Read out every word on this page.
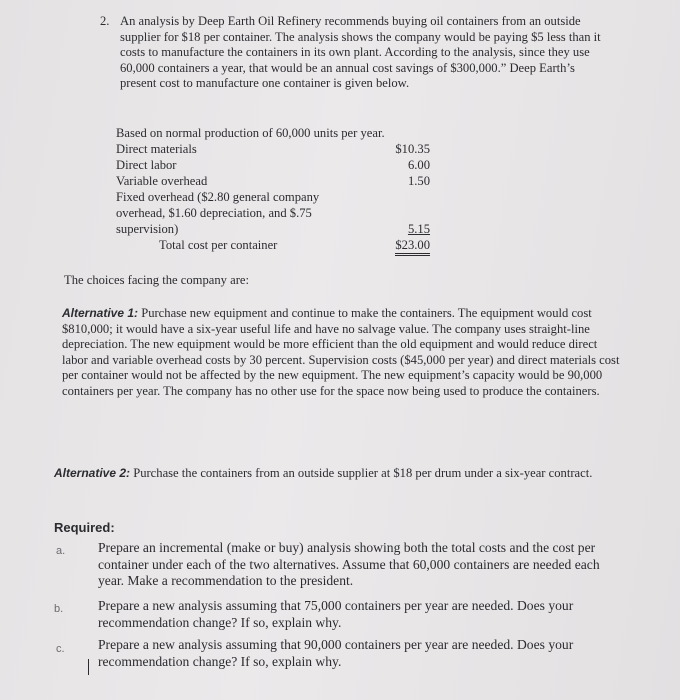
2. An analysis by Deep Earth Oil Refinery recommends buying oil containers from an outside supplier for $18 per container. The analysis shows the company would be paying $5 less than it costs to manufacture the containers in its own plant. According to the analysis, since they use 60,000 containers a year, that would be an annual cost savings of $300,000.” Deep Earth’s present cost to manufacture one container is given below.

Based on normal production of 60,000 units per year.
Direct materials	$10.35
Direct labor	6.00
Variable overhead	1.50
Fixed overhead ($2.80 general company
overhead, $1.60 depreciation, and $.75
supervision)	5.15
Total cost per container	$23.00

The choices facing the company are:

Alternative 1: Purchase new equipment and continue to make the containers. The equipment would cost $810,000; it would have a six-year useful life and have no salvage value. The company uses straight-line depreciation. The new equipment would be more efficient than the old equipment and would reduce direct labor and variable overhead costs by 30 percent. Supervision costs ($45,000 per year) and direct materials cost per container would not be affected by the new equipment. The new equipment’s capacity would be 90,000 containers per year. The company has no other use for the space now being used to produce the containers.

Alternative 2: Purchase the containers from an outside supplier at $18 per drum under a six-year contract.

Required:
a. Prepare an incremental (make or buy) analysis showing both the total costs and the cost per container under each of the two alternatives. Assume that 60,000 containers are needed each year. Make a recommendation to the president.

b.	Prepare a new analysis assuming that 75,000 containers per year are needed. Does your recommendation change? If so, explain why.

c. Prepare a new analysis assuming that 90,000 containers per year are needed. Does your recommendation change? If so, explain why.
